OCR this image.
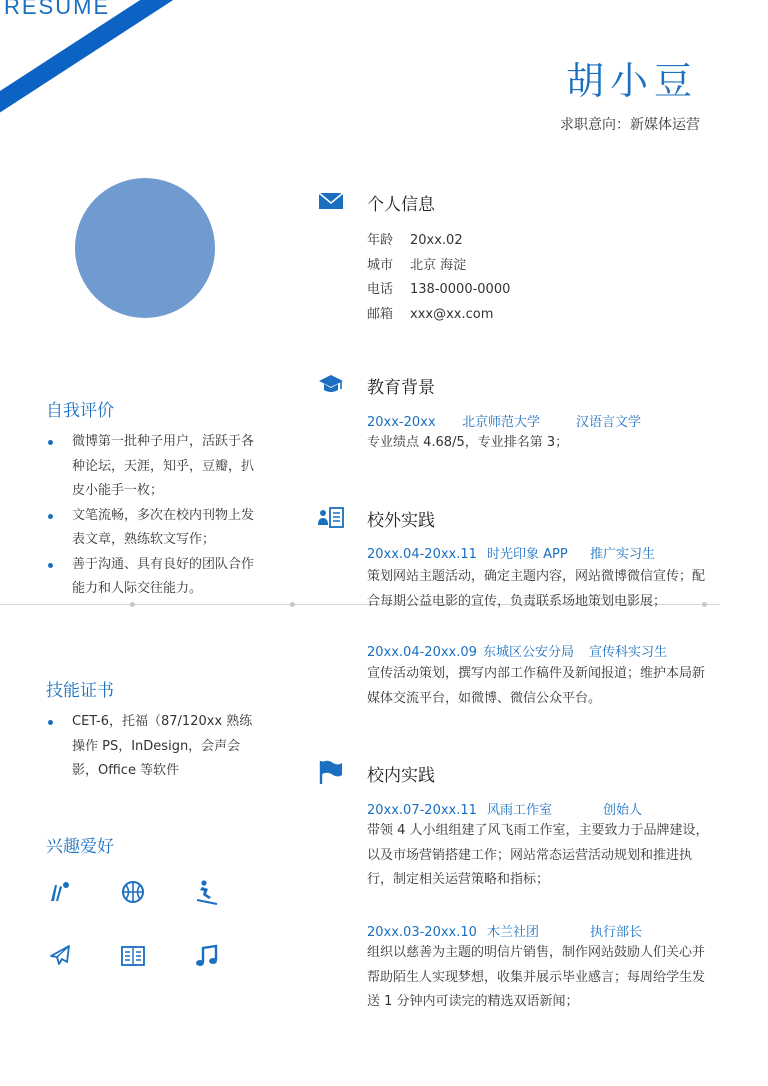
RESUME
胡小豆
求职意向：新媒体运营
自我评价
微博第一批种子用户，活跃于各种论坛，天涯，知乎，豆瓣，扒皮小能手一枚；
文笔流畅，多次在校内刊物上发表文章，熟练软文写作；
善于沟通、具有良好的团队合作能力和人际交往能力。
技能证书
CET-6，托福（87/120xx 熟练操作 PS，InDesign，会声会影，Office 等软件
兴趣爱好
个人信息
年龄 20xx.02
城市 北京 海淀
电话 138-0000-0000
邮箱 xxx@xx.com
教育背景
20xx-20xx 北京师范大学	汉语言文学
专业绩点 4.68/5，专业排名第 3；
校外实践
20xx.04-20xx.11 时光印象 APP 推广实习生
策划网站主题活动，确定主题内容，网站微博微信宣传；配合每期公益电影的宣传，负责联系场地策划电影展；
20xx.04-20xx.09 东城区公安分局 宣传科实习生
宣传活动策划，撰写内部工作稿件及新闻报道；维护本局新媒体交流平台，如微博、微信公众平台。
校内实践
20xx.07-20xx.11 风雨工作室	创始人
带领 4 人小组组建了风飞雨工作室，主要致力于品牌建设，以及市场营销搭建工作；网站常态运营活动规划和推进执行，制定相关运营策略和指标；
20xx.03-20xx.10 木兰社团	执行部长
组织以慈善为主题的明信片销售，制作网站鼓励人们关心并帮助陌生人实现梦想，收集并展示毕业感言；每周给学生发送 1 分钟内可读完的精选双语新闻；
